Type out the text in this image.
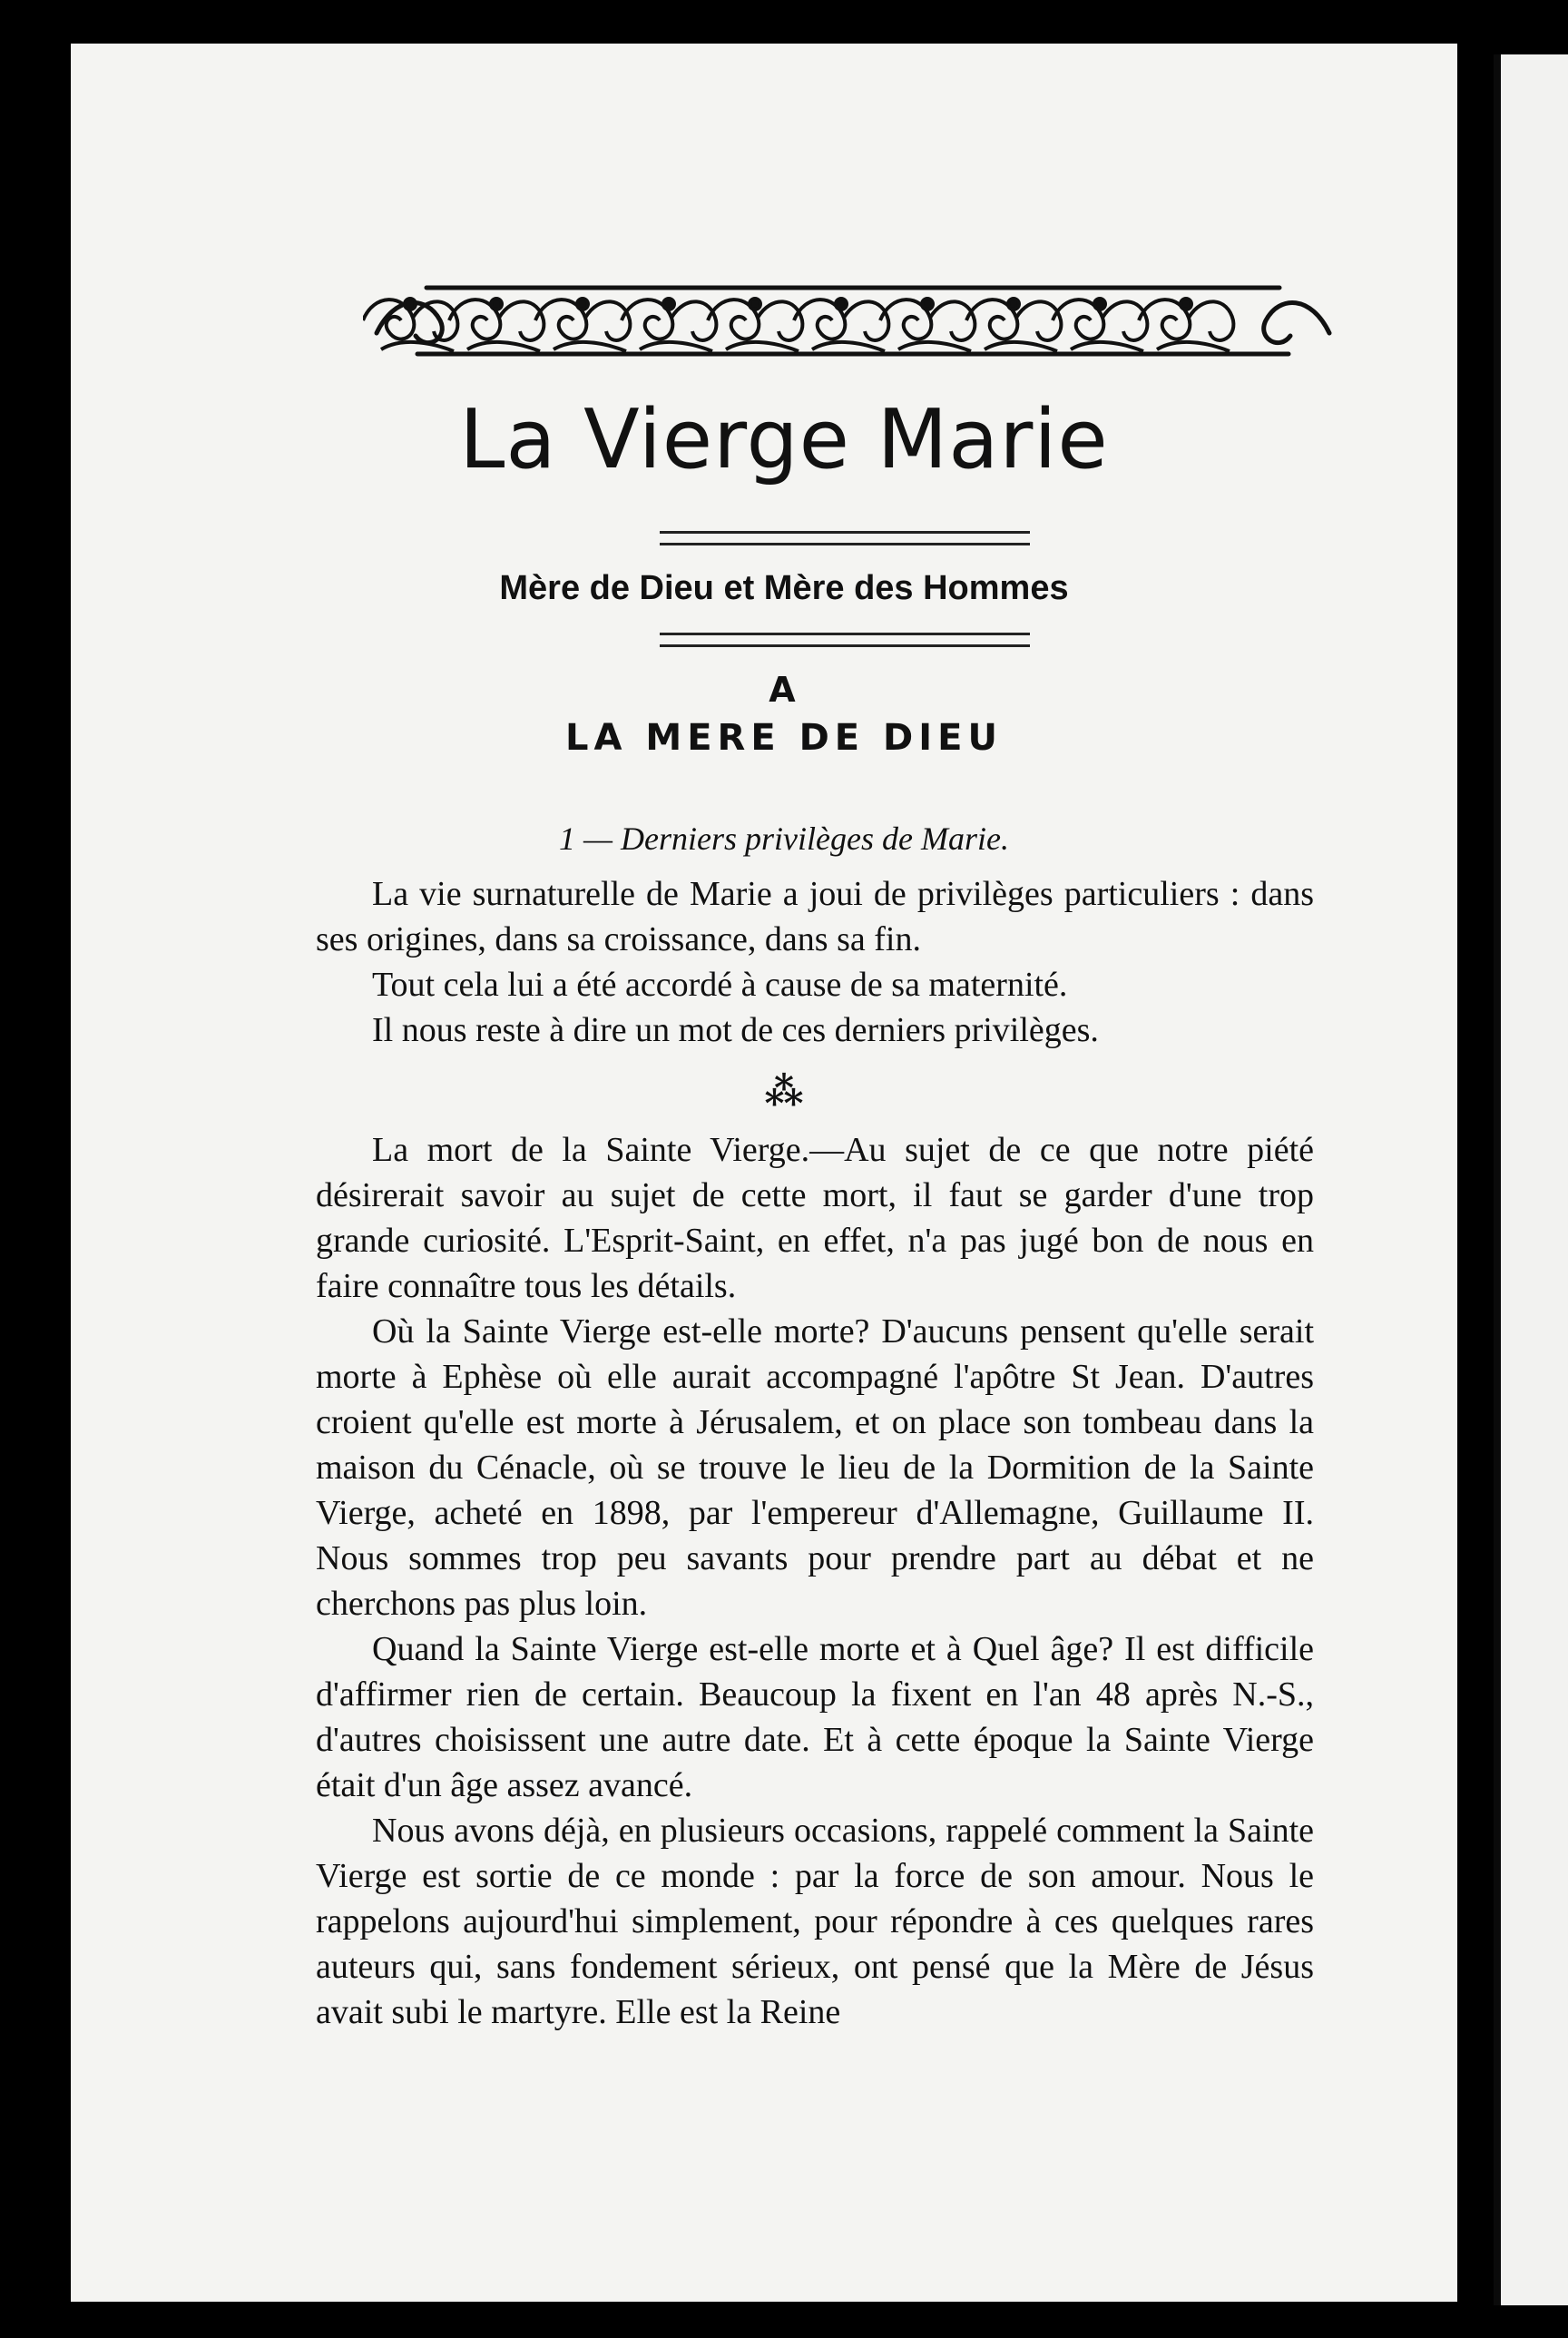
La Vierge Marie
Mère de Dieu et Mère des Hommes
A
LA MERE DE DIEU
1 — Derniers privilèges de Marie.

La vie surnaturelle de Marie a joui de privilèges particuliers : dans ses origines, dans sa croissance, dans sa fin.

Tout cela lui a été accordé à cause de sa maternité.

Il nous reste à dire un mot de ces derniers privilèges.

⁂

La mort de la Sainte Vierge.—Au sujet de ce que notre piété désirerait savoir au sujet de cette mort, il faut se garder d'une trop grande curiosité. L'Esprit-Saint, en effet, n'a pas jugé bon de nous en faire connaître tous les détails.

Où la Sainte Vierge est-elle morte? D'aucuns pensent qu'elle serait morte à Ephèse où elle aurait accompagné l'apôtre St Jean. D'autres croient qu'elle est morte à Jérusalem, et on place son tombeau dans la maison du Cénacle, où se trouve le lieu de la Dormition de la Sainte Vierge, acheté en 1898, par l'empereur d'Allemagne, Guillaume II. Nous sommes trop peu savants pour prendre part au débat et ne cherchons pas plus loin.

Quand la Sainte Vierge est-elle morte et à Quel âge? Il est difficile d'affirmer rien de certain. Beaucoup la fixent en l'an 48 après N.-S., d'autres choisissent une autre date. Et à cette époque la Sainte Vierge était d'un âge assez avancé.

Nous avons déjà, en plusieurs occasions, rappelé comment la Sainte Vierge est sortie de ce monde : par la force de son amour. Nous le rappelons aujourd'hui simplement, pour répondre à ces quelques rares auteurs qui, sans fondement sérieux, ont pensé que la Mère de Jésus avait subi le martyre. Elle est la Reine
